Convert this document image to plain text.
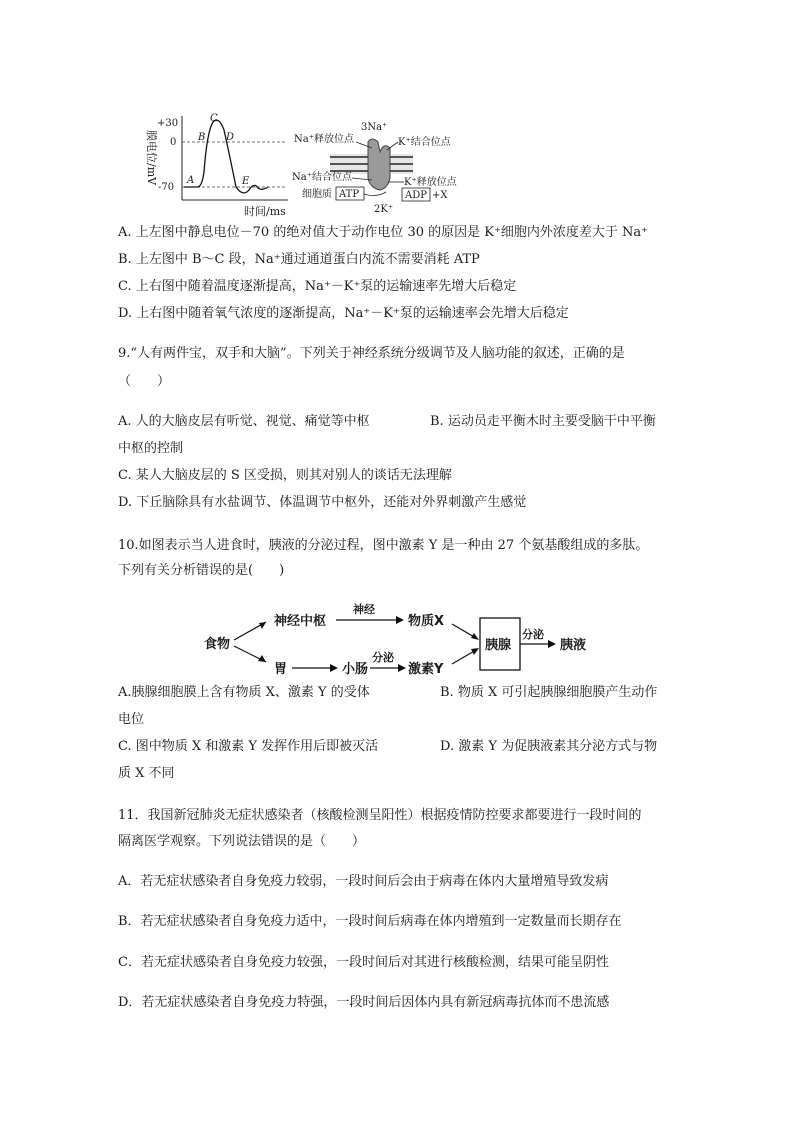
膜电位/mV
+30
0
-70
A
B
C
D
E
时间/ms
3Na⁺
Na⁺释放位点	K⁺结合位点
Na⁺结合位点	K⁺释放位点
细胞质 ATP	ADP +X
2K⁺
A. 上左图中静息电位－70 的绝对值大于动作电位 30 的原因是 K⁺细胞内外浓度差大于 Na⁺
B. 上左图中 B～C 段，Na⁺通过通道蛋白内流不需要消耗 ATP
C. 上右图中随着温度逐渐提高，Na⁺－K⁺泵的运输速率先增大后稳定
D. 上右图中随着氧气浓度的逐渐提高，Na⁺－K⁺泵的运输速率会先增大后稳定
9.“人有两件宝，双手和大脑”。下列关于神经系统分级调节及人脑功能的叙述，正确的是
（　　）
A. 人的大脑皮层有听觉、视觉、痛觉等中枢	B. 运动员走平衡木时主要受脑干中平衡
中枢的控制
C. 某人大脑皮层的 S 区受损，则其对别人的谈话无法理解
D. 下丘脑除具有水盐调节、体温调节中枢外，还能对外界刺激产生感觉
10.如图表示当人进食时，胰液的分泌过程，图中激素 Y 是一种由 27 个氨基酸组成的多肽。
下列有关分析错误的是(　　)
食物
神经中枢
神经
物质X
胃	小肠
分泌
激素Y
胰腺
分泌
胰液
A.胰腺细胞膜上含有物质 X、激素 Y 的受体	B. 物质 X 可引起胰腺细胞膜产生动作
电位
C. 图中物质 X 和激素 Y 发挥作用后即被灭活	D. 激素 Y 为促胰液素其分泌方式与物
质 X 不同
11．我国新冠肺炎无症状感染者（核酸检测呈阳性）根据疫情防控要求都要进行一段时间的
隔离医学观察。下列说法错误的是（　　）
A．若无症状感染者自身免疫力较弱，一段时间后会由于病毒在体内大量增殖导致发病
B．若无症状感染者自身免疫力适中，一段时间后病毒在体内增殖到一定数量而长期存在
C．若无症状感染者自身免疫力较强，一段时间后对其进行核酸检测，结果可能呈阴性
D．若无症状感染者自身免疫力特强，一段时间后因体内具有新冠病毒抗体而不患流感
